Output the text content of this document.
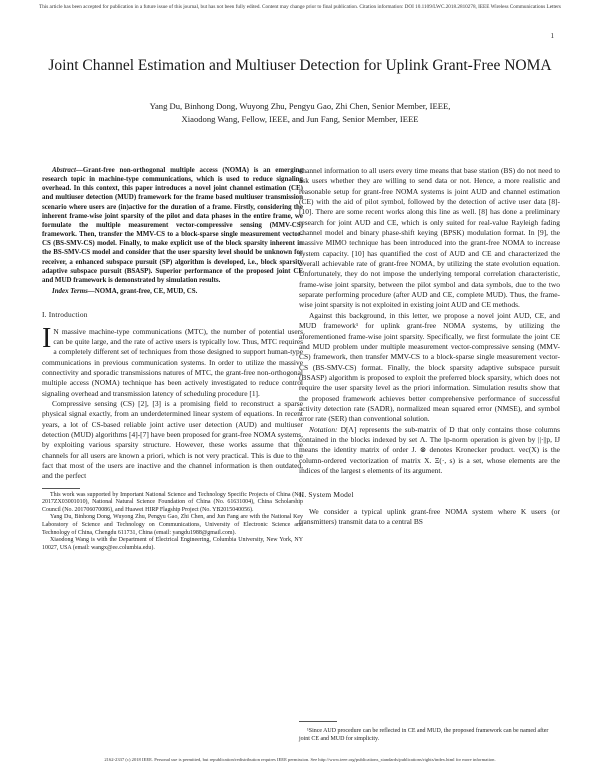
This article has been accepted for publication in a future issue of this journal, but has not been fully edited. Content may change prior to final publication. Citation information: DOI 10.1109/LWC.2018.2810278, IEEE Wireless Communications Letters
1
Joint Channel Estimation and Multiuser Detection for Uplink Grant-Free NOMA
Yang Du, Binhong Dong, Wuyong Zhu, Pengyu Gao, Zhi Chen, Senior Member, IEEE,
Xiaodong Wang, Fellow, IEEE, and Jun Fang, Senior Member, IEEE

Abstract—Grant-free non-orthogonal multiple access (NOMA) is an emerging research topic in machine-type communications, which is used to reduce signaling overhead. In this context, this paper introduces a novel joint channel estimation (CE) and multiuser detection (MUD) framework for the frame based multiuser transmission scenario where users are (in)active for the duration of a frame. Firstly, considering the inherent frame-wise joint sparsity of the pilot and data phases in the entire frame, we formulate the multiple measurement vector-compressive sensing (MMV-CS) framework. Then, transfer the MMV-CS to a block-sparse single measurement vector-CS (BS-SMV-CS) model. Finally, to make explicit use of the block sparsity inherent in the BS-SMV-CS model and consider that the user sparsity level should be unknown for receiver, a enhanced subspace pursuit (SP) algorithm is developed, i.e., block sparsity adaptive subspace pursuit (BSASP). Superior performance of the proposed joint CE and MUD framework is demonstrated by simulation results.

Index Terms—NOMA, grant-free, CE, MUD, CS.

I. Introduction

I N massive machine-type communications (MTC), the number of potential users can be quite large, and the rate of active users is typically low. Thus, MTC requires a completely different set of techniques from those designed to support human-type communications in previous communication systems. In order to utilize the massive connectivity and sporadic transmissions natures of MTC, the grant-free non-orthogonal multiple access (NOMA) technique has been actively investigated to reduce control signaling overhead and transmission latency of scheduling procedure [1].

Compressive sensing (CS) [2], [3] is a promising field to reconstruct a sparse physical signal exactly, from an underdetermined linear system of equations. In recent years, a lot of CS-based reliable joint active user detection (AUD) and multiuser detection (MUD) algorithms [4]-[7] have been proposed for grant-free NOMA systems, by exploiting various sparsity structure. However, these works assume that the channels for all users are known a priori, which is not very practical. This is due to the fact that most of the users are inactive and the channel information is then outdated, and the perfect

This work was supported by Important National Science and Technology Specific Projects of China (No. 2017ZX03001010), National Natural Science Foundation of China (No. 61631004), China Scholarship Council (No. 201706070086), and Huawei HIRP Flagship Project (No. YB2015040056).

Yang Du, Binhong Dong, Wuyong Zhu, Pengyu Gao, Zhi Chen, and Jun Fang are with the National Key Laboratory of Science and Technology on Communications, University of Electronic Science and Technology of China, Chengdu 611731, China (email: yangdu1988@gmail.com).

Xiaodong Wang is with the Department of Electrical Engineering, Columbia University, New York, NY 10027, USA (email: wangx@ee.columbia.edu).

channel information to all users every time means that base station (BS) do not need to ask users whether they are willing to send data or not. Hence, a more realistic and reasonable setup for grant-free NOMA systems is joint AUD and channel estimation (CE) with the aid of pilot symbol, followed by the detection of active user data [8]-[10]. There are some recent works along this line as well. [8] has done a preliminary research for joint AUD and CE, which is only suited for real-value Rayleigh fading channel model and binary phase-shift keying (BPSK) modulation format. In [9], the massive MIMO technique has been introduced into the grant-free NOMA to increase system capacity. [10] has quantified the cost of AUD and CE and characterized the overall achievable rate of grant-free NOMA, by utilizing the state evolution equation. Unfortunately, they do not impose the underlying temporal correlation characteristic, frame-wise joint sparsity, between the pilot symbol and data symbols, due to the two separate performing procedure (after AUD and CE, complete MUD). Thus, the frame-wise joint sparsity is not exploited in existing joint AUD and CE methods.

Against this background, in this letter, we propose a novel joint AUD, CE, and MUD framework¹ for uplink grant-free NOMA systems, by utilizing the aforementioned frame-wise joint sparsity. Specifically, we first formulate the joint CE and MUD problem under multiple measurement vector-compressive sensing (MMV-CS) framework, then transfer MMV-CS to a block-sparse single measurement vector-CS (BS-SMV-CS) format. Finally, the block sparsity adaptive subspace pursuit (BSASP) algorithm is proposed to exploit the preferred block sparsity, which does not require the user sparsity level as the priori information. Simulation results show that the proposed framework achieves better comprehensive performance of successful activity detection rate (SADR), normalized mean squared error (NMSE), and symbol error rate (SER) than conventional solution.

Notation: D[Λ] represents the sub-matrix of D that only contains those columns contained in the blocks indexed by set Λ. The lp-norm operation is given by ||·||p, IJ means the identity matrix of order J. ⊗ denotes Kronecker product. vec(X) is the column-ordered vectorization of matrix X. Ξ(·, s) is a set, whose elements are the indices of the largest s elements of its argument.

II. System Model

We consider a typical uplink grant-free NOMA system where K users (or transmitters) transmit data to a central BS

¹Since AUD procedure can be reflected in CE and MUD, the proposed framework can be named after joint CE and MUD for simplicity.

2162-2337 (c) 2018 IEEE. Personal use is permitted, but republication/redistribution requires IEEE permission. See http://www.ieee.org/publications_standards/publications/rights/index.html for more information.
